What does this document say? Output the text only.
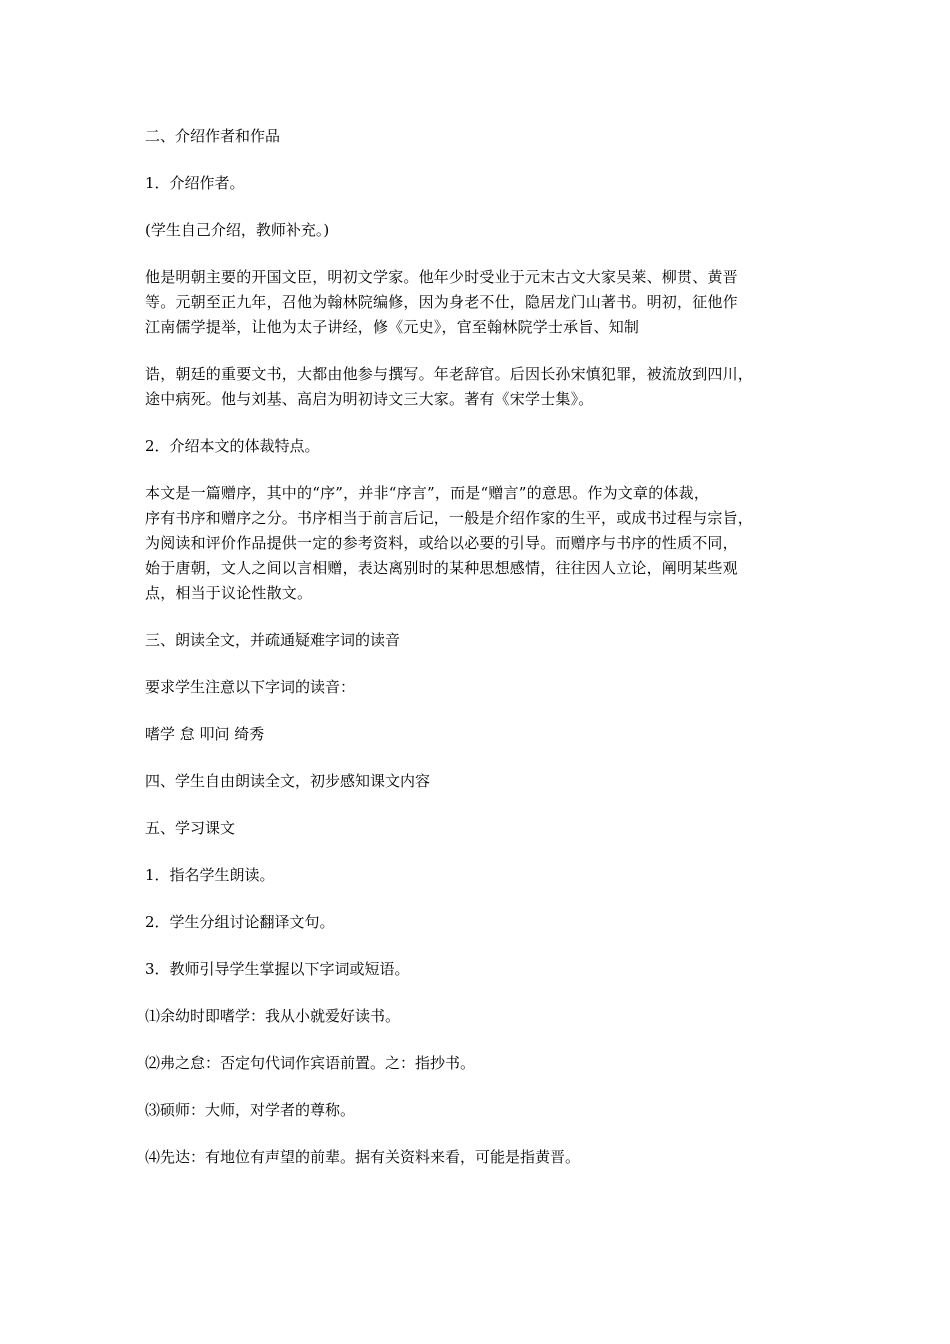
二、介绍作者和作品

1．介绍作者。

(学生自己介绍，教师补充。)

他是明朝主要的开国文臣，明初文学家。他年少时受业于元末古文大家吴莱、柳贯、黄晋
等。元朝至正九年，召他为翰林院编修，因为身老不仕，隐居龙门山著书。明初，征他作
江南儒学提举，让他为太子讲经，修《元史》，官至翰林院学士承旨、知制

诰，朝廷的重要文书，大都由他参与撰写。年老辞官。后因长孙宋慎犯罪，被流放到四川，
途中病死。他与刘基、高启为明初诗文三大家。著有《宋学士集》。

2．介绍本文的体裁特点。

本文是一篇赠序，其中的“序”，并非“序言”，而是“赠言”的意思。作为文章的体裁，
序有书序和赠序之分。书序相当于前言后记，一般是介绍作家的生平，或成书过程与宗旨，
为阅读和评价作品提供一定的参考资料，或给以必要的引导。而赠序与书序的性质不同，
始于唐朝，文人之间以言相赠，表达离别时的某种思想感情，往往因人立论，阐明某些观
点，相当于议论性散文。

三、朗读全文，并疏通疑难字词的读音

要求学生注意以下字词的读音：

嗜学 怠 叩问 绮秀

四、学生自由朗读全文，初步感知课文内容

五、学习课文

1．指名学生朗读。

2．学生分组讨论翻译文句。

3．教师引导学生掌握以下字词或短语。

⑴余幼时即嗜学：我从小就爱好读书。

⑵弗之怠：否定句代词作宾语前置。之：指抄书。

⑶硕师：大师，对学者的尊称。

⑷先达：有地位有声望的前辈。据有关资料来看，可能是指黄晋。
